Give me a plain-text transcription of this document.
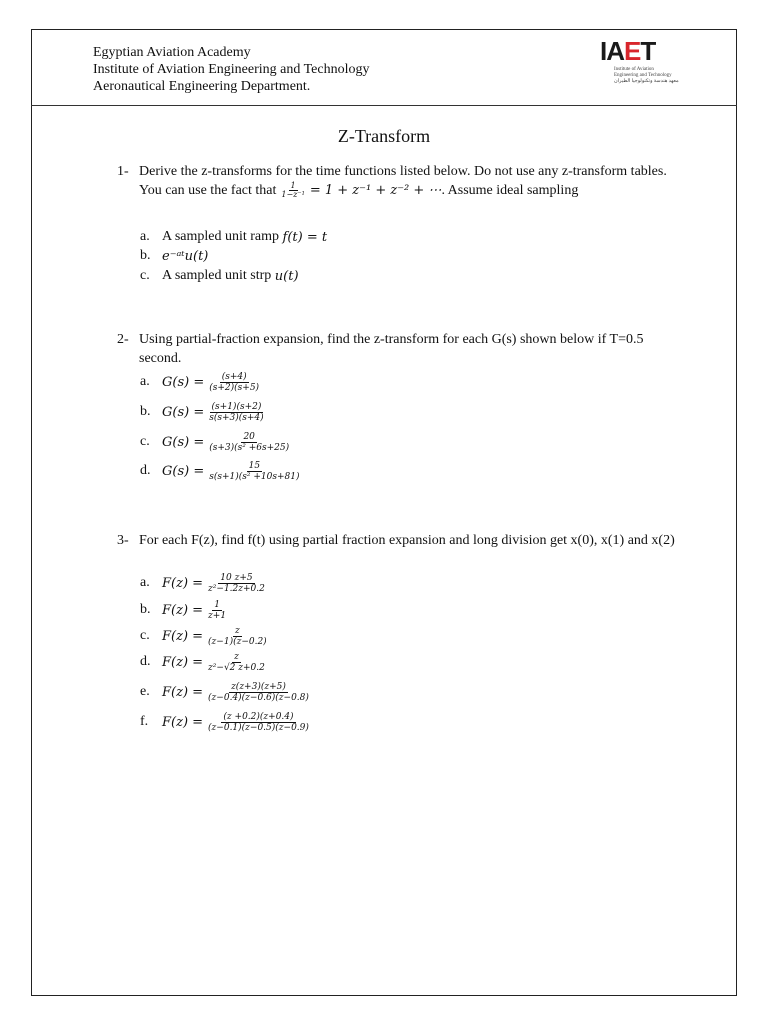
Egyptian Aviation Academy
Institute of Aviation Engineering and Technology
Aeronautical Engineering Department.
IAET
Institute of Aviation
Engineering and Technology
معهد هندسة وتكنولوجيا الطيران
Z-Transform
1- Derive the z-transforms for the time functions listed below. Do not use any z-transform tables. You can use the fact that $\frac{1}{\text{1−z⁻¹}} = 1 + z^{-1} + z^{-2}$ + ⋯. Assume ideal sampling
a. A sampled unit ramp
f(t) = t
b. e⁻ᵃᵗu(t)
c. A sampled unit strp
u(t)
2- Using partial-fraction expansion, find the z-transform for each G(s) shown below if T=0.5 second.
a. $G(s) = \frac{(s+4)}{(s+2)(s+5)}$
b. $G(s) = \frac{(s+1)(s+2)}{s(s+3)(s+4)}$
c. $G(s) = \frac{20}{\text{(s+3)(s² +6s+25)}}$
d. $G(s) = \frac{15}{\text{s(s+1)(s² +10s+81)}}$
3- For each F(z), find f(t) using partial fraction expansion and long division get x(0), x(1) and x(2)
a. $F(z) = \frac{10 z+5}{\text{z²−1.2z+0.2}}$
b. $F(z) = \frac{1}{z+1}$
c. $F(z) = \frac{z}{(z-1)(z-0.2)}$
d. $F(z) = \frac{z}{\text{z²−√2 z+0.2}}$
e. $F(z) = \frac{z(z+3)(z+5)}{(z-0.4)(z-0.6)(z-0.8)}$
f.	$F(z) = \frac{(z +0.2)(z+0.4)}{(z-0.1)(z-0.5)(z-0.9)}$
